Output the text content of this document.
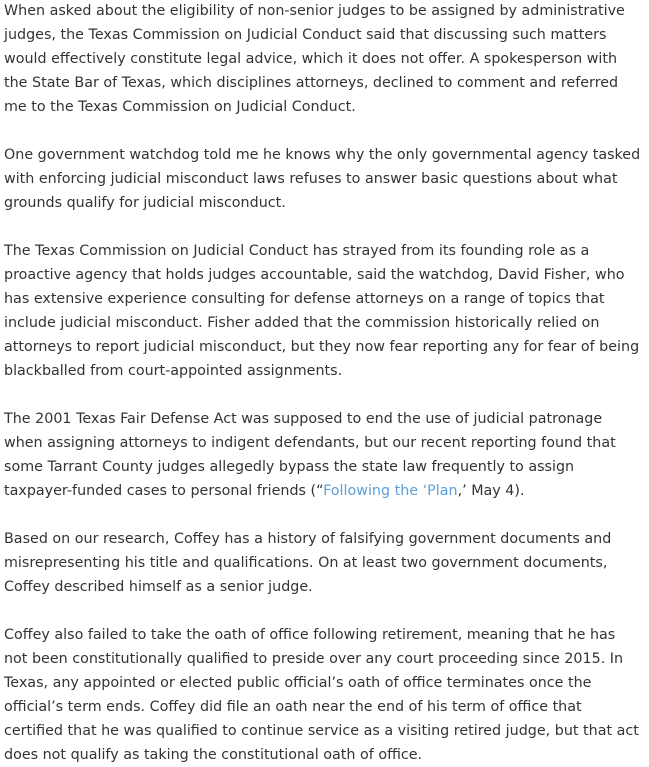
When asked about the eligibility of non-senior judges to be assigned by administrative judges, the Texas Commission on Judicial Conduct said that discussing such matters would effectively constitute legal advice, which it does not offer. A spokesperson with the State Bar of Texas, which disciplines attorneys, declined to comment and referred me to the Texas Commission on Judicial Conduct.

One government watchdog told me he knows why the only governmental agency tasked with enforcing judicial misconduct laws refuses to answer basic questions about what grounds qualify for judicial misconduct.

The Texas Commission on Judicial Conduct has strayed from its founding role as a proactive agency that holds judges accountable, said the watchdog, David Fisher, who has extensive experience consulting for defense attorneys on a range of topics that include judicial misconduct. Fisher added that the commission historically relied on attorneys to report judicial misconduct, but they now fear reporting any for fear of being blackballed from court-appointed assignments.

The 2001 Texas Fair Defense Act was supposed to end the use of judicial patronage when assigning attorneys to indigent defendants, but our recent reporting found that some Tarrant County judges allegedly bypass the state law frequently to assign taxpayer-funded cases to personal friends (“Following the ‘Plan,’ May 4).

Based on our research, Coffey has a history of falsifying government documents and misrepresenting his title and qualifications. On at least two government documents, Coffey described himself as a senior judge.

Coffey also failed to take the oath of office following retirement, meaning that he has not been constitutionally qualified to preside over any court proceeding since 2015. In Texas, any appointed or elected public official’s oath of office terminates once the official’s term ends. Coffey did file an oath near the end of his term of office that certified that he was qualified to continue service as a visiting retired judge, but that act does not qualify as taking the constitutional oath of office.
